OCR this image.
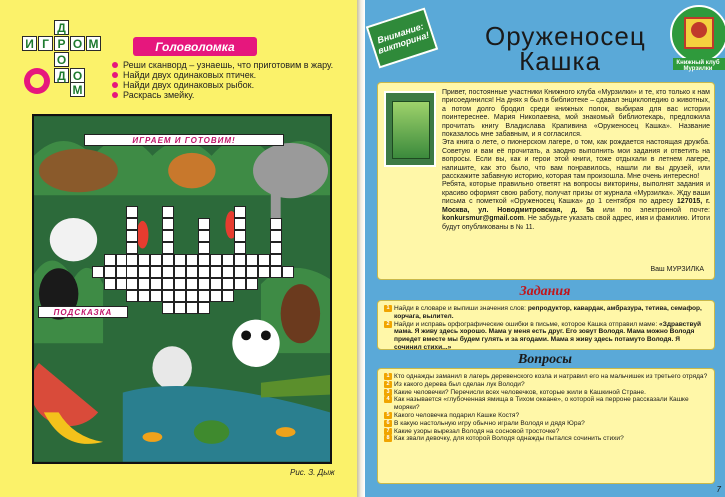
Д
И Г Р О М
О
Д О
М
Головоломка
Реши сканворд – узнаешь, что приготовим в жару.
Найди двух одинаковых птичек.
Найди двух одинаковых рыбок.
Раскрась змейку.
ИГРАЕМ И ГОТОВИМ!
ПОДСКАЗКА
Рис. З. Дыж
Внимание: викторина!	Оруженосец
Кашка	Книжный клуб Мурзилки

Привет, постоянные участники Книжного клуба «Мурзилки» и те, кто только к нам присоединился! На днях я был в библиотеке – сдавал энциклопедию о животных, а потом долго бродил среди книжных полок, выбирая для вас истории поинтереснее. Мария Николаевна, мой знакомый библиотекарь, предложила прочитать книгу Владислава Крапивина «Оруженосец Кашка». Название показалось мне забавным, и я согласился.

Эта книга о лете, о пионерском лагере, о том, как рождается настоящая дружба. Советую и вам её прочитать, а заодно выполнить мои задания и ответить на вопросы. Если вы, как и герои этой книги, тоже отдыхали в летнем лагере, напишите, как это было, что вам понравилось, нашли ли вы друзей, или расскажите забавную историю, которая там произошла. Мне очень интересно!

Ребята, которые правильно ответят на вопросы викторины, выполнят задания и красиво оформят свою работу, получат призы от журнала «Мурзилка». Жду ваши письма с пометкой «Оруженосец Кашка» до 1 сентября по адресу 127015, г. Москва, ул. Новодмитровская, д. 5а или по электронной почте: konkursmur@gmail.com. Не забудьте указать свой адрес, имя и фамилию. Итоги будут опубликованы в № 11.

Ваш МУРЗИЛКА
Задания
1 Найди в словаре и выпиши значения слов: репродуктор, кавардак, амбразура, тетива, семафор, корчага, вылител.
2 Найди и исправь орфографические ошибки в письме, которое Кашка отправил маме: «Здравствуй мама. Я живу здесь хорошо. Мама у меня есть друг. Его зовут Володя. Мама можно Володя приедет вместе мы будем гулять и за ягодами. Мама я живу здесь потамуто Володя. Я сочинил стихи...»
Вопросы
1 Кто однажды заманил в лагерь деревенского козла и натравил его на мальчишек из третьего отряда?
2 Из какого дерева был сделан лук Володи?
3 Какие человечки? Перечисли всех человечков, которые жили в Кашкиной Стране.
4 Как называется «глубоченная ямища в Тихом океане», о которой на перроне рассказали Кашке моряки?
5 Какого человечка подарил Кашке Костя?
6 В какую настольную игру обычно играли Володя и дядя Юра?
7 Какие узоры вырезал Володя на сосновой тросточке?
8 Как звали девочку, для которой Володя однажды пытался сочинить стихи?
7
